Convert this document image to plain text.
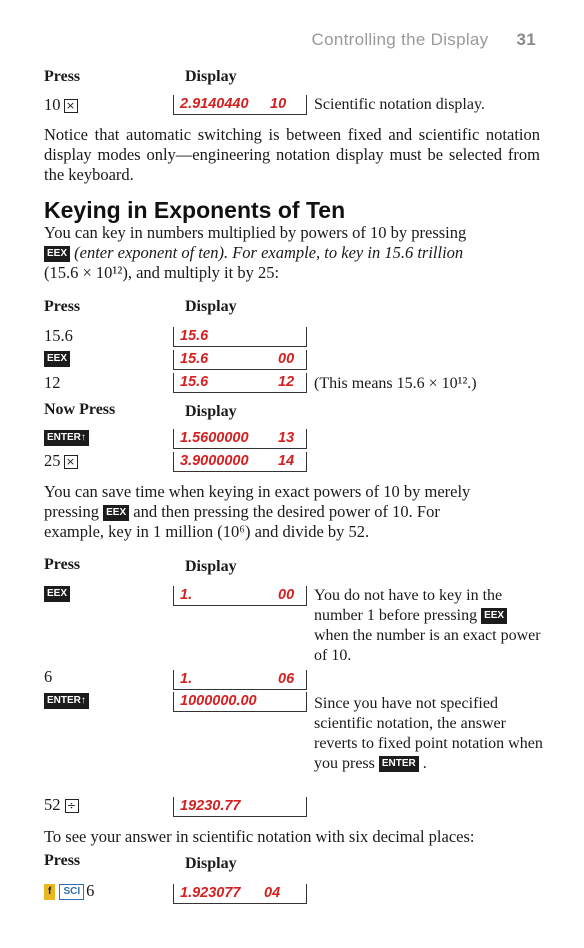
Controlling the Display 31
Press	Display
10 ×	2.9140440 10 Scientific notation display.
Notice that automatic switching is between fixed and scientific notation display modes only—engineering notation display must be selected from the keyboard.
Keying in Exponents of Ten
You can key in numbers multiplied by powers of 10 by pressing
EEX (enter exponent of ten). For example, to key in 15.6 trillion
(15.6 × 10¹²), and multiply it by 25:
Press	Display
15.6	15.6
EEX	15.6	00
12	15.6	12 (This means 15.6 × 10¹².)
Now Press	Display
ENTER↑	1.5600000 13
25 ×	3.9000000 14
You can save time when keying in exact powers of 10 by merely
pressing EEX and then pressing the desired power of 10. For
example, key in 1 million (10⁶) and divide by 52.
Press	Display
EEX	1.	00 You do not have to key in the number 1 before pressing EEX when the number is an exact power of 10.
6	1.	06
ENTER↑	1000000.00	Since you have not specified scientific notation, the answer reverts to fixed point notation when you press ENTER .
52 ÷	19230.77
To see your answer in scientific notation with six decimal places:
Press	Display
f SCI 6	1.923077 04
